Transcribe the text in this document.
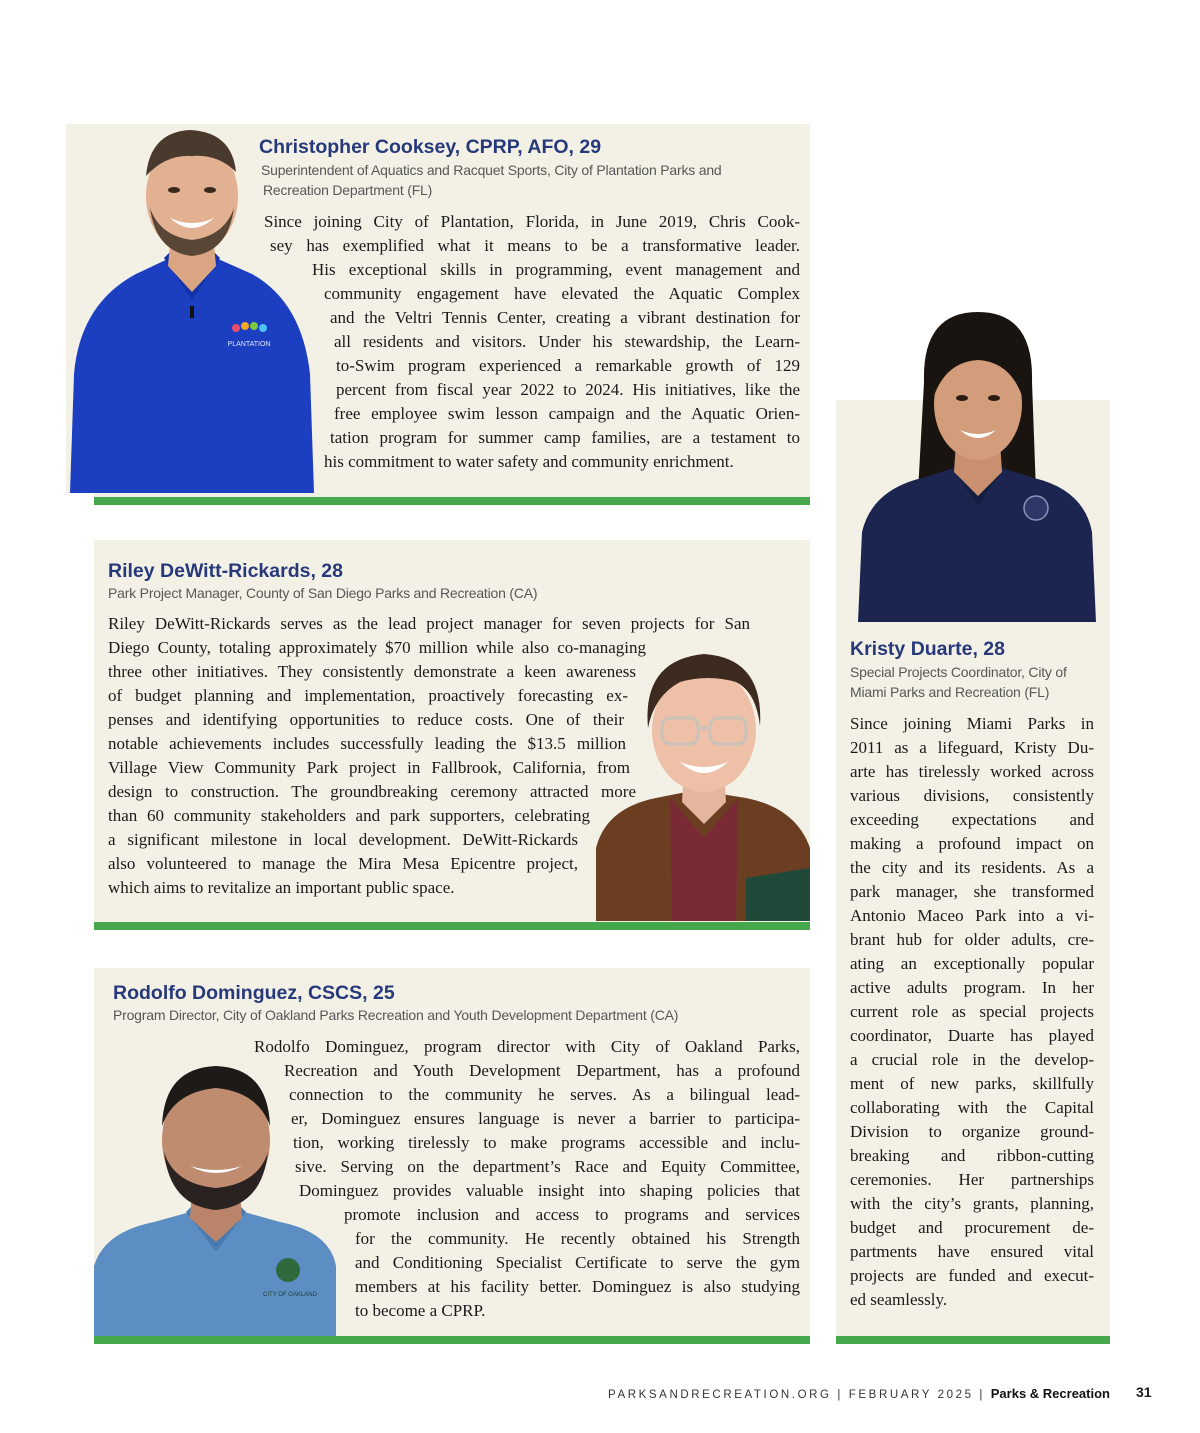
PLANTATION
Christopher Cooksey, CPRP, AFO, 29
Superintendent of Aquatics and Racquet Sports, City of Plantation Parks and
Recreation Department (FL)
Since joining City of Plantation, Florida, in June 2019, Chris Cook-
sey has exemplified what it means to be a transformative leader.
His exceptional skills in programming, event management and
community engagement have elevated the Aquatic Complex
and the Veltri Tennis Center, creating a vibrant destination for
all residents and visitors. Under his stewardship, the Learn-
to-Swim program experienced a remarkable growth of 129
percent from fiscal year 2022 to 2024. His initiatives, like the
free employee swim lesson campaign and the Aquatic Orien-
tation program for summer camp families, are a testament to
his commitment to water safety and community enrichment.
Riley DeWitt-Rickards, 28
Park Project Manager, County of San Diego Parks and Recreation (CA)
Riley DeWitt-Rickards serves as the lead project manager for seven projects for San
Diego County, totaling approximately $70 million while also co-managing
three other initiatives. They consistently demonstrate a keen awareness
of budget planning and implementation, proactively forecasting ex-
penses and identifying opportunities to reduce costs. One of their
notable achievements includes successfully leading the $13.5 million
Village View Community Park project in Fallbrook, California, from
design to construction. The groundbreaking ceremony attracted more
than 60 community stakeholders and park supporters, celebrating
a significant milestone in local development. DeWitt-Rickards
also volunteered to manage the Mira Mesa Epicentre project,
which aims to revitalize an important public space.
CITY OF OAKLAND
Rodolfo Dominguez, CSCS, 25
Program Director, City of Oakland Parks Recreation and Youth Development Department (CA)
Rodolfo Dominguez, program director with City of Oakland Parks,
Recreation and Youth Development Department, has a profound
connection to the community he serves. As a bilingual lead-
er, Dominguez ensures language is never a barrier to participa-
tion, working tirelessly to make programs accessible and inclu-
sive. Serving on the department’s Race and Equity Committee,
Dominguez provides valuable insight into shaping policies that
promote inclusion and access to programs and services
for the community. He recently obtained his Strength
and Conditioning Specialist Certificate to serve the gym
members at his facility better. Dominguez is also studying
to become a CPRP.
Kristy Duarte, 28
Special Projects Coordinator, City of
Miami Parks and Recreation (FL)
Since joining Miami Parks in
2011 as a lifeguard, Kristy Du-
arte has tirelessly worked across
various divisions, consistently
exceeding expectations and
making a profound impact on
the city and its residents. As a
park manager, she transformed
Antonio Maceo Park into a vi-
brant hub for older adults, cre-
ating an exceptionally popular
active adults program. In her
current role as special projects
coordinator, Duarte has played
a crucial role in the develop-
ment of new parks, skillfully
collaborating with the Capital
Division to organize ground-
breaking and ribbon-cutting
ceremonies. Her partnerships
with the city’s grants, planning,
budget and procurement de-
partments have ensured vital
projects are funded and execut-
ed seamlessly.
PARKSANDRECREATION.ORG | FEBRUARY 2025 | Parks & Recreation 31
